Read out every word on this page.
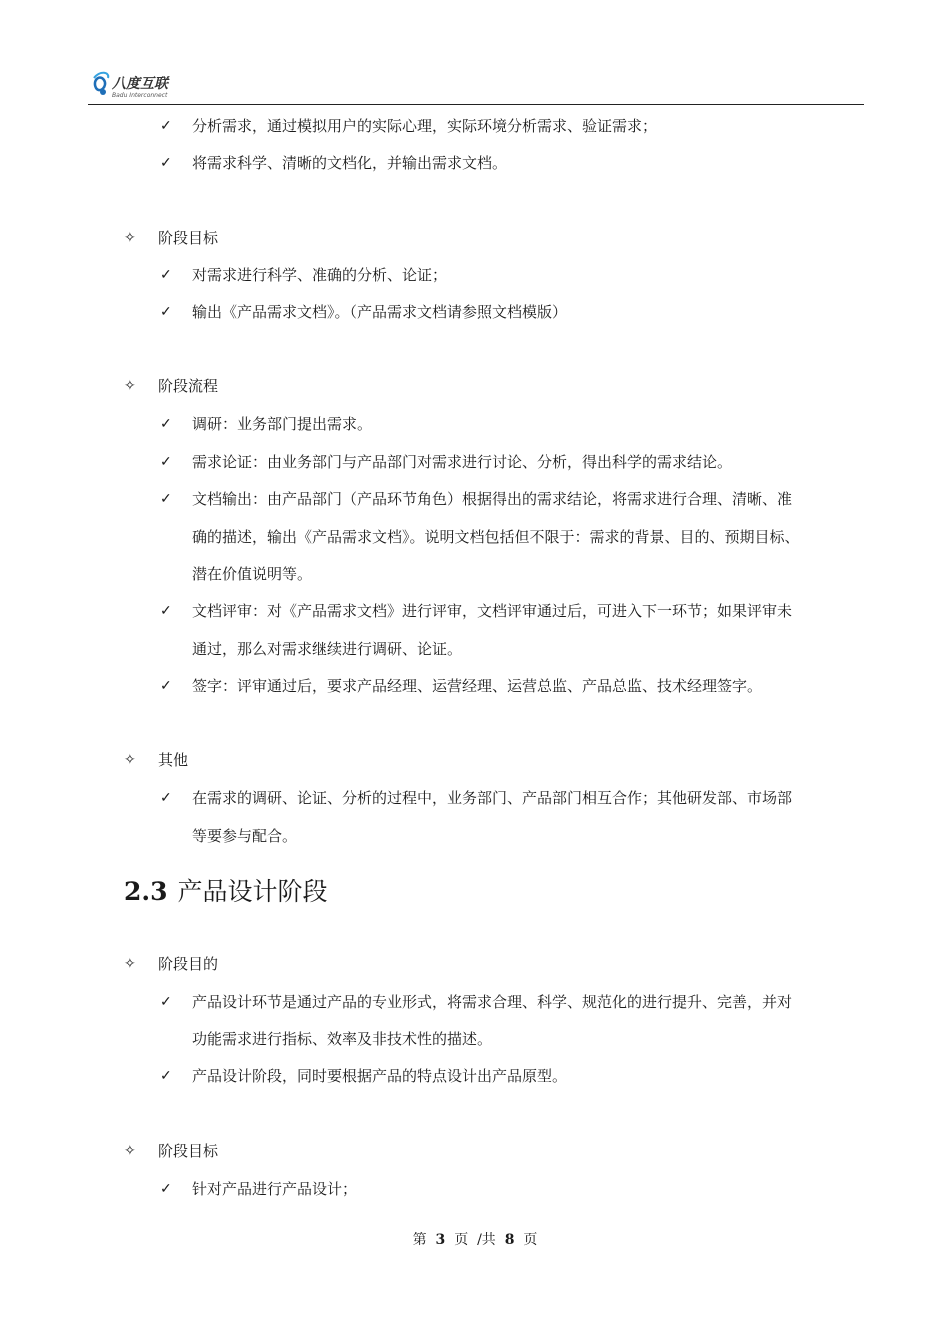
八度互联
Badu Interconnect
✓ 分析需求，通过模拟用户的实际心理，实际环境分析需求、验证需求；
✓ 将需求科学、清晰的文档化，并输出需求文档。
✧ 阶段目标
✓ 对需求进行科学、准确的分析、论证；
✓ 输出《产品需求文档》。（产品需求文档请参照文档模版）
✧ 阶段流程
✓ 调研：业务部门提出需求。
✓ 需求论证：由业务部门与产品部门对需求进行讨论、分析，得出科学的需求结论。
✓ 文档输出：由产品部门（产品环节角色）根据得出的需求结论，将需求进行合理、清晰、准
确的描述，输出《产品需求文档》。说明文档包括但不限于：需求的背景、目的、预期目标、
潜在价值说明等。
✓ 文档评审：对《产品需求文档》进行评审，文档评审通过后，可进入下一环节；如果评审未
通过，那么对需求继续进行调研、论证。
✓ 签字：评审通过后，要求产品经理、运营经理、运营总监、产品总监、技术经理签字。
✧ 其他
✓ 在需求的调研、论证、分析的过程中，业务部门、产品部门相互合作；其他研发部、市场部
等要参与配合。
2.3 产品设计阶段
✧ 阶段目的
✓ 产品设计环节是通过产品的专业形式，将需求合理、科学、规范化的进行提升、完善，并对
功能需求进行指标、效率及非技术性的描述。
✓ 产品设计阶段，同时要根据产品的特点设计出产品原型。
✧ 阶段目标
✓ 针对产品进行产品设计；
第 3 页 /共 8 页
